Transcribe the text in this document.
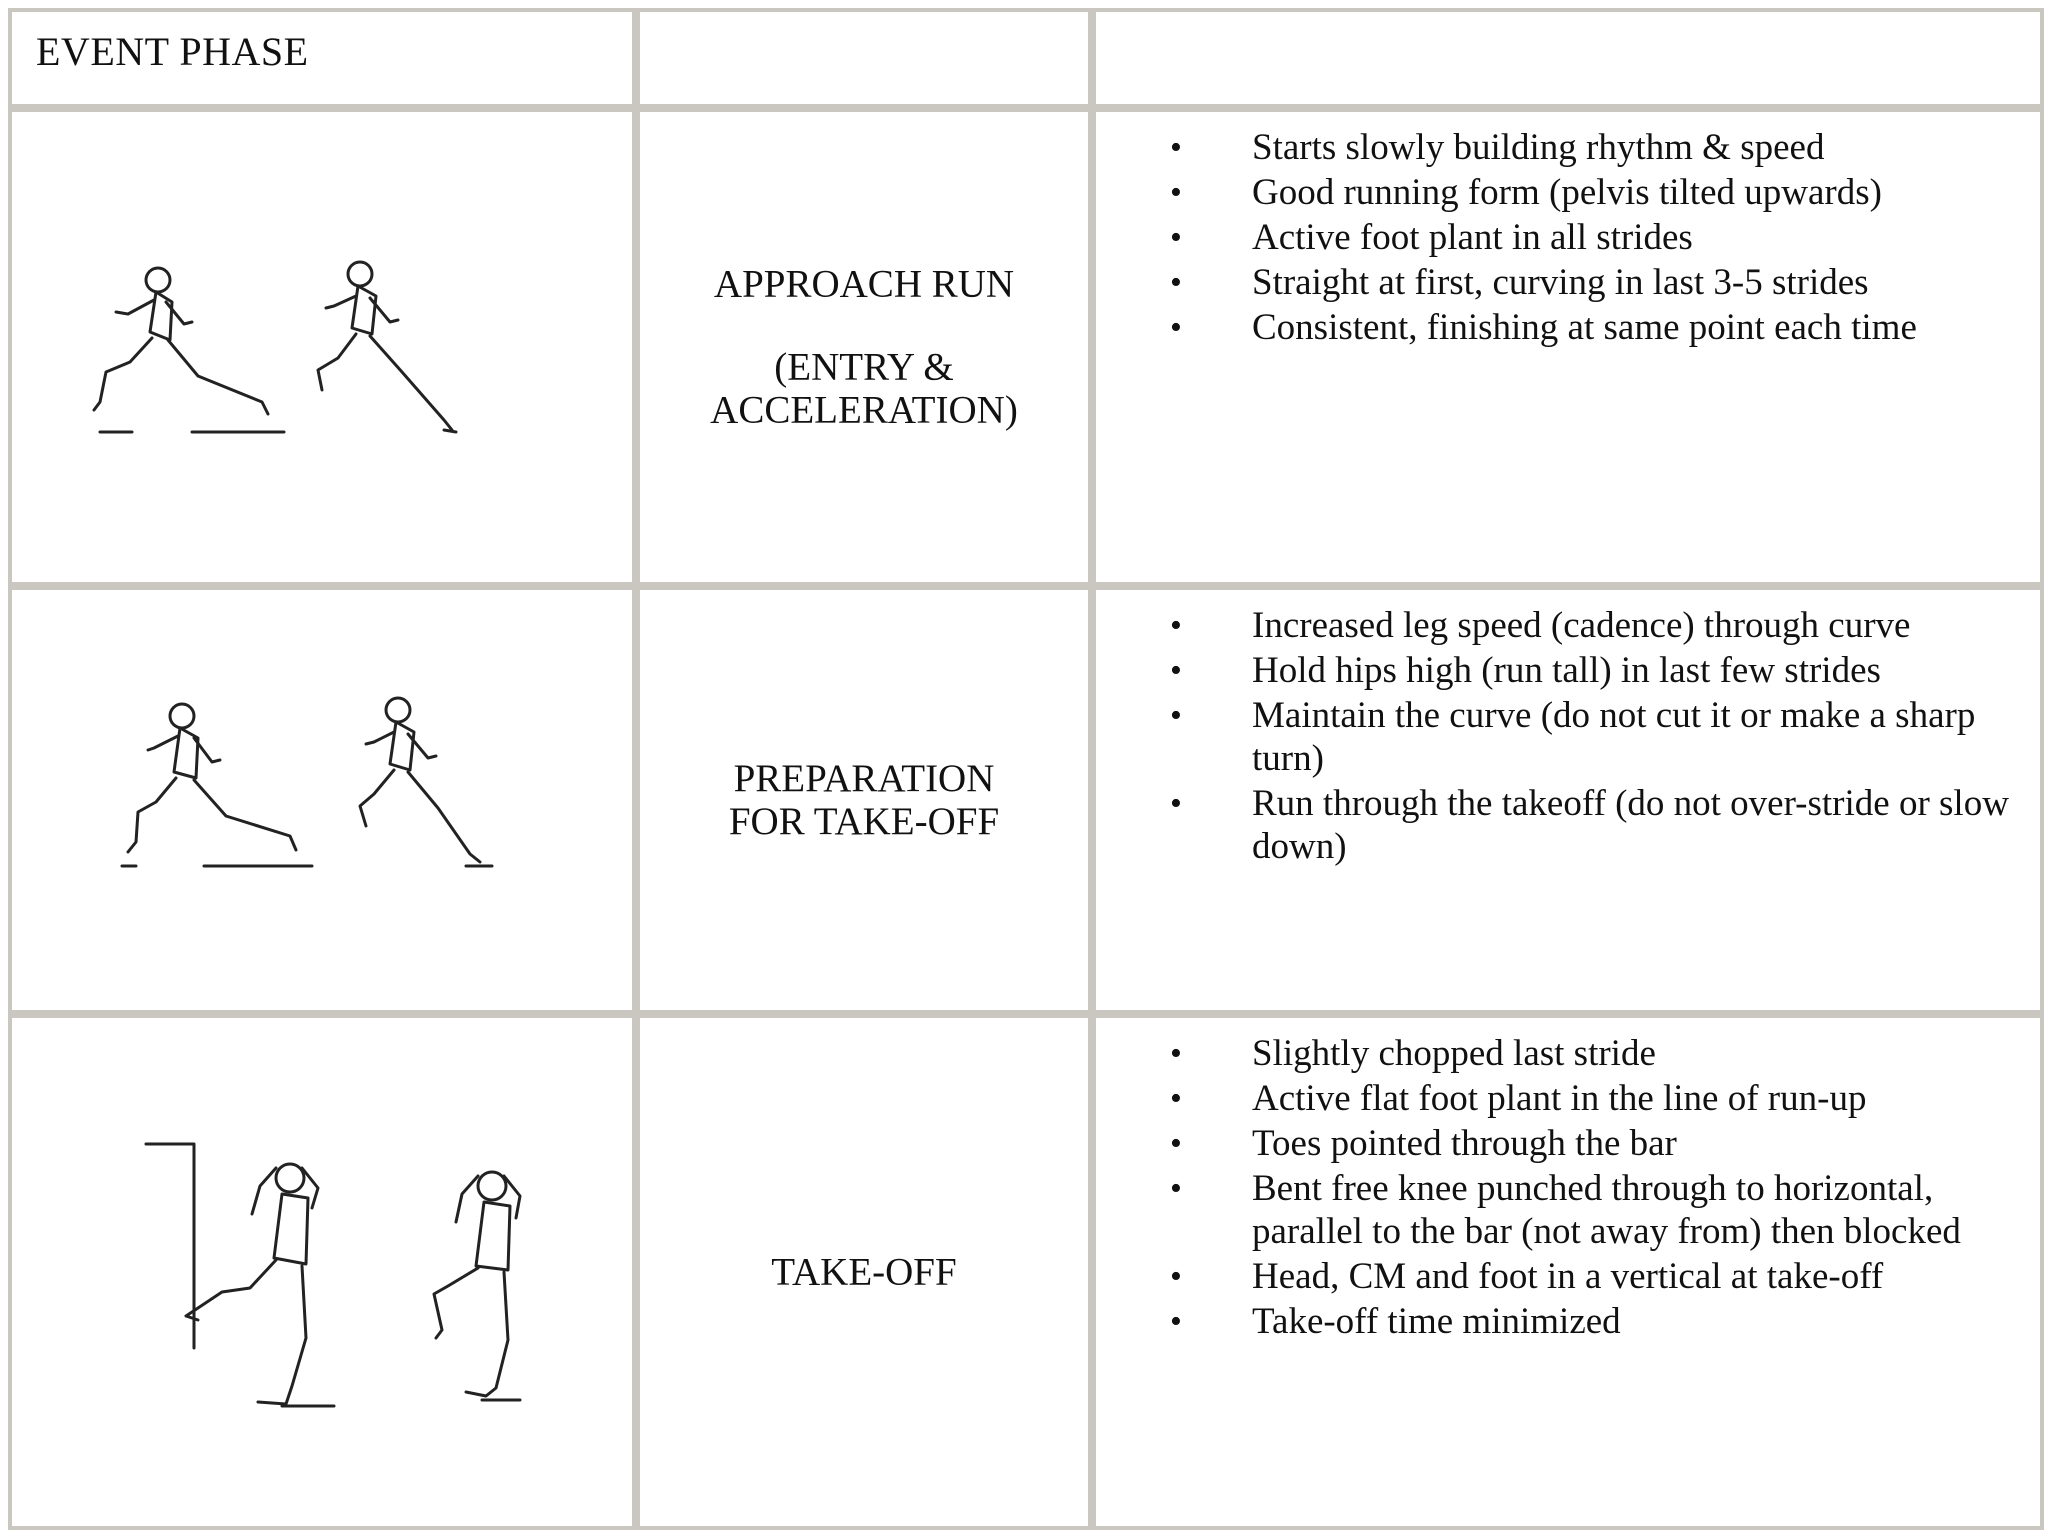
EVENT PHASE
APPROACH RUN
(ENTRY &
ACCELERATION)
• Starts slowly building rhythm & speed
• Good running form (pelvis tilted upwards)
• Active foot plant in all strides
• Straight at first, curving in last 3-5 strides
• Consistent, finishing at same point each time
PREPARATION
FOR TAKE-OFF
• Increased leg speed (cadence) through curve
• Hold hips high (run tall) in last few strides
• Maintain the curve (do not cut it or make a sharp turn)
• Run through the takeoff (do not over-stride or slow down)
TAKE-OFF
• Slightly chopped last stride
• Active flat foot plant in the line of run-up
• Toes pointed through the bar
• Bent free knee punched through to horizontal, parallel to the bar (not away from) then blocked
• Head, CM and foot in a vertical at take-off
• Take-off time minimized
